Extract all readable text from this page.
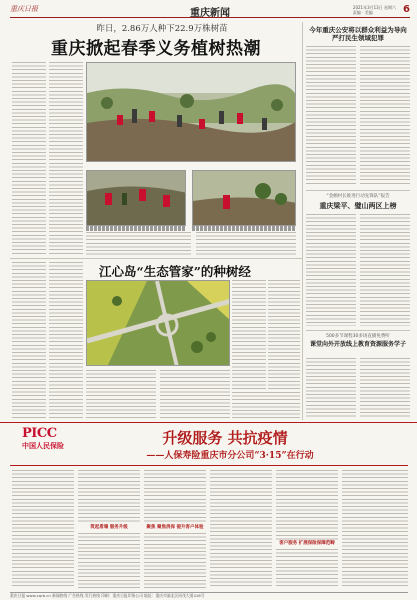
重庆日报	重庆新闻
2021年3月13日 星期六
责编 · 美编	6
昨日，2.86万人种下22.9万株树苗
重庆掀起春季义务植树热潮
今年重庆公安将以群众利益为导向 严打民生领域犯罪
“金额村长推进行动先锋队”报告
重庆梁平、璧山两区上榜
500多节课程30多场直播免费听
课堂向外开放线上教育资源服务学子
江心岛“生态管家”的种树经
PICC
中国人民保险	升级服务 共抗疫情
——人保寿险重庆市分公司“3·15”在行动
筑起盾墙 服务升级	聚焦 聚焦消保 提升客户体验
客户服务 扩展保险保障范畴
重庆日报 www.cqrb.cn 新闻热线 广告热线 发行热线 印刷：重庆日报印务公司 地址：重庆市渝北区同茂大道416号
